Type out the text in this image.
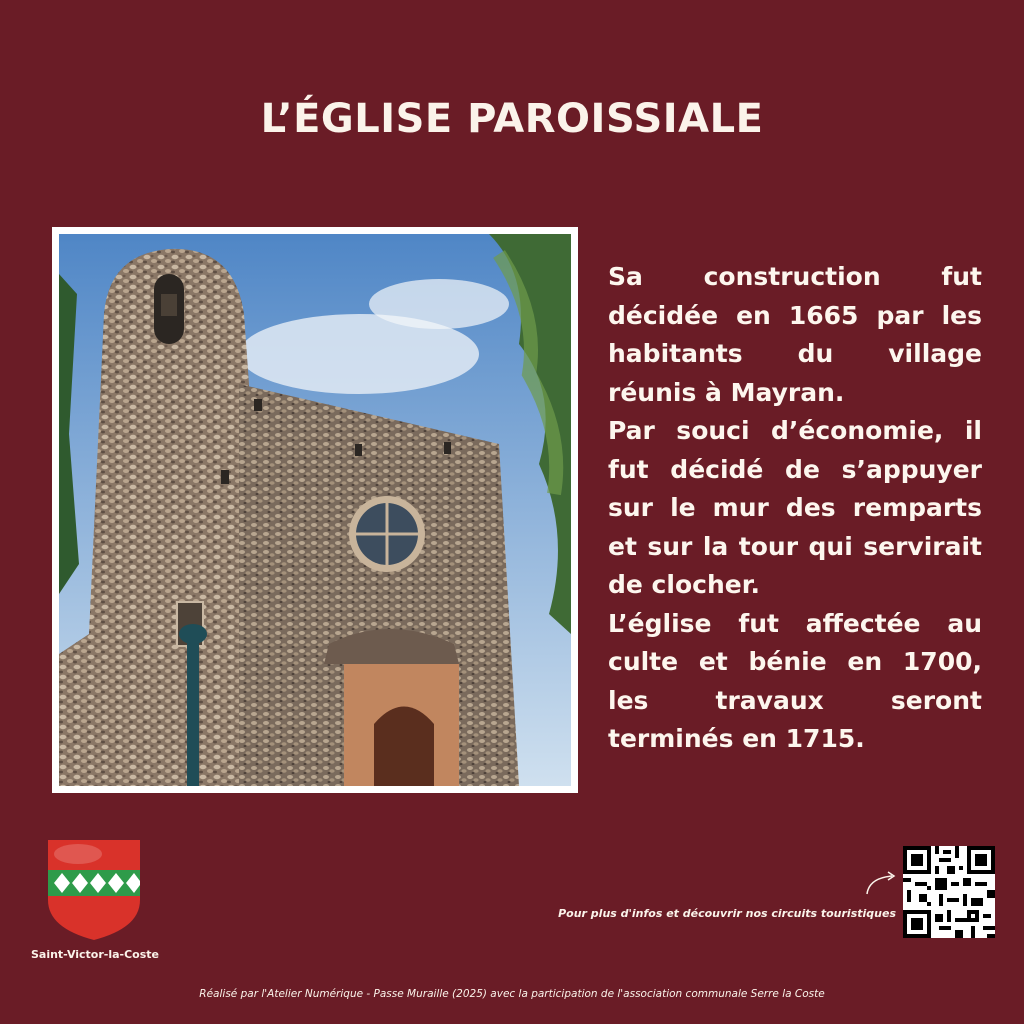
L’ÉGLISE PAROISSIALE

Sa construction fut décidée en 1665 par les habitants du village réunis à Mayran.

Par souci d’économie, il fut décidé de s’appuyer sur le mur des remparts et sur la tour qui servirait de clocher.

L’église fut affectée au culte et bénie en 1700, les travaux seront terminés en 1715.

Saint-Victor-la-Coste
Pour plus d'infos et découvrir nos circuits touristiques
Réalisé par l'Atelier Numérique - Passe Muraille (2025) avec la participation de l'association communale Serre la Coste
